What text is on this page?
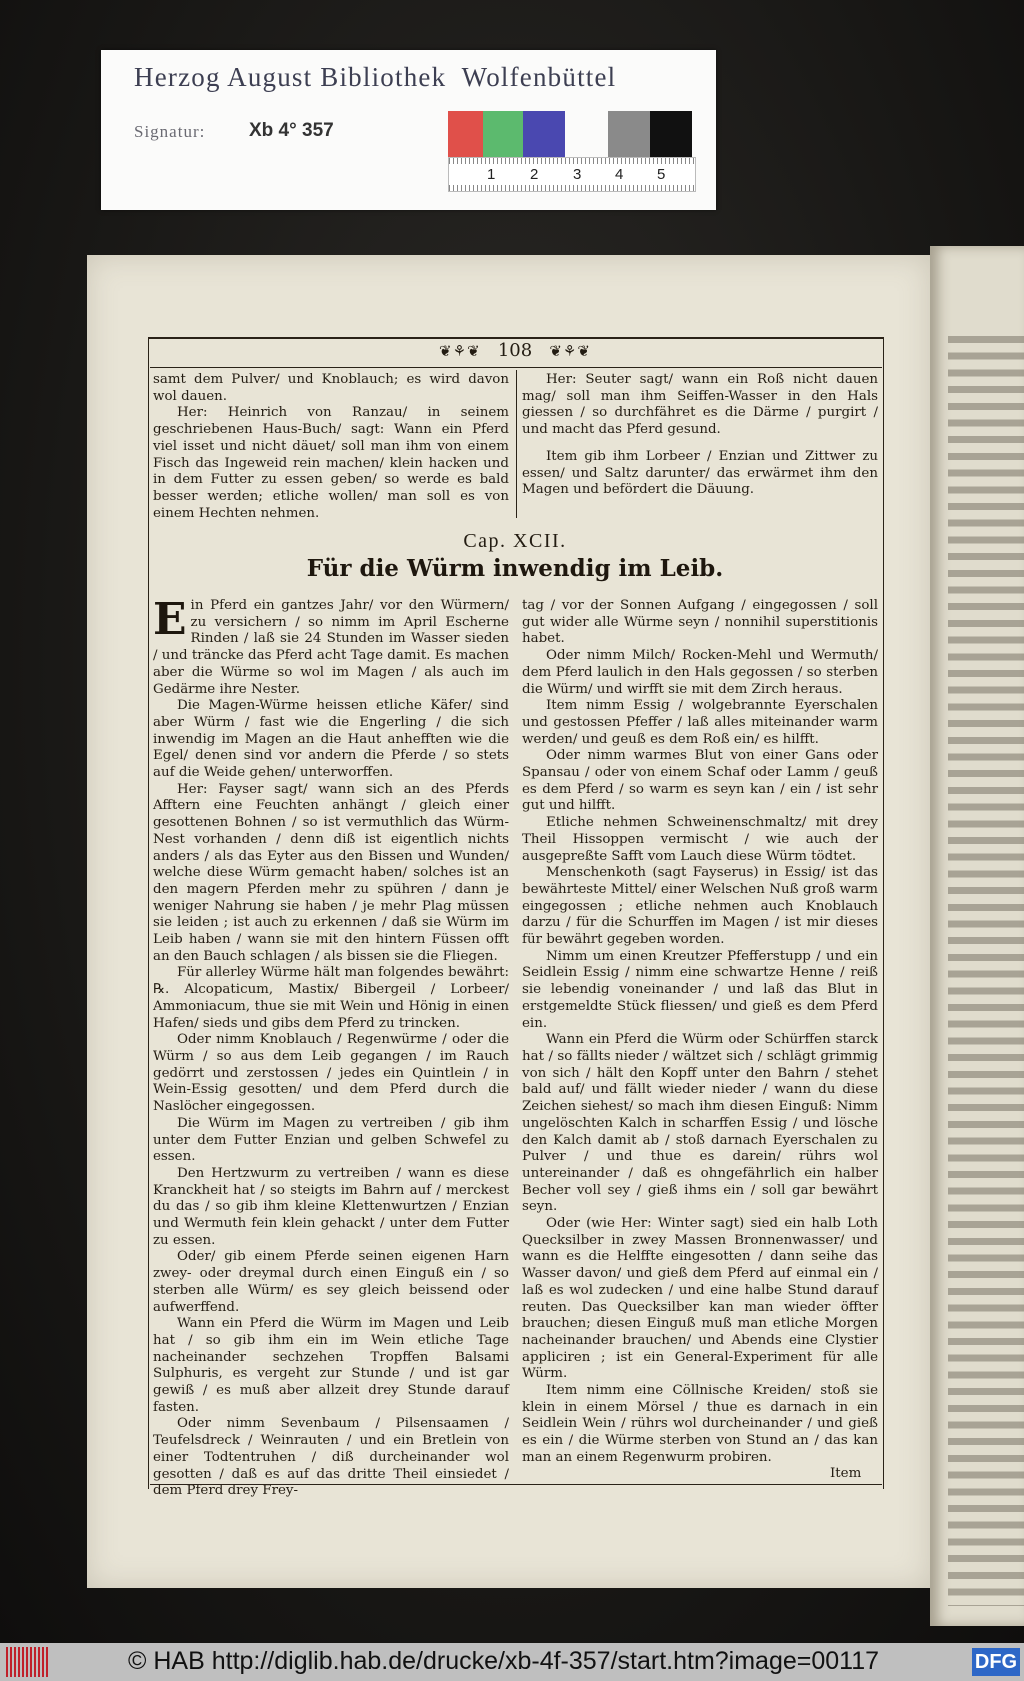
Herzog August Bibliothek  Wolfenbüttel
Signatur: Xb 4° 357
1 2 3 4 5
❦⚘❦ 108 ❦⚘❦

samt dem Pulver/ und Knoblauch; es wird davon wol dauen.

Her: Heinrich von Ranzau/ in seinem geschriebenen Haus-Buch/ sagt: Wann ein Pferd viel isset und nicht däuet/ soll man ihm von einem Fisch das Ingeweid rein machen/ klein hacken und in dem Futter zu essen geben/ so werde es bald besser werden; etliche wollen/ man soll es von einem Hechten nehmen.

Her: Seuter sagt/ wann ein Roß nicht dauen mag/ soll man ihm Seiffen-Wasser in den Hals giessen / so durchfähret es die Därme / purgirt / und macht das Pferd gesund.

Item gib ihm Lorbeer / Enzian und Zittwer zu essen/ und Saltz darunter/ das erwärmet ihm den Magen und befördert die Däuung.

Cap. XCII.
Für die Würm inwendig im Leib.

Ein Pferd ein gantzes Jahr/ vor den Würmern/ zu versichern / so nimm im April Escherne Rinden / laß sie 24 Stunden im Wasser sieden / und träncke das Pferd acht Tage damit. Es machen aber die Würme so wol im Magen / als auch im Gedärme ihre Nester.

Die Magen-Würme heissen etliche Käfer/ sind aber Würm / fast wie die Engerling / die sich inwendig im Magen an die Haut anhefften wie die Egel/ denen sind vor andern die Pferde / so stets auf die Weide gehen/ unterworffen.

Her: Fayser sagt/ wann sich an des Pferds Afftern eine Feuchten anhängt / gleich einer gesottenen Bohnen / so ist vermuthlich das Würm-Nest vorhanden / denn diß ist eigentlich nichts anders / als das Eyter aus den Bissen und Wunden/ welche diese Würm gemacht haben/ solches ist an den magern Pferden mehr zu spühren / dann je weniger Nahrung sie haben / je mehr Plag müssen sie leiden ; ist auch zu erkennen / daß sie Würm im Leib haben / wann sie mit den hintern Füssen offt an den Bauch schlagen / als bissen sie die Fliegen.

Für allerley Würme hält man folgendes bewährt: ℞. Alcopaticum, Mastix/ Bibergeil / Lorbeer/ Ammoniacum, thue sie mit Wein und Hönig in einen Hafen/ sieds und gibs dem Pferd zu trincken.

Oder nimm Knoblauch / Regenwürme / oder die Würm / so aus dem Leib gegangen / im Rauch gedörrt und zerstossen / jedes ein Quintlein / in Wein-Essig gesotten/ und dem Pferd durch die Naslöcher eingegossen.

Die Würm im Magen zu vertreiben / gib ihm unter dem Futter Enzian und gelben Schwefel zu essen.

Den Hertzwurm zu vertreiben / wann es diese Kranckheit hat / so steigts im Bahrn auf / merckest du das / so gib ihm kleine Klettenwurtzen / Enzian und Wermuth fein klein gehackt / unter dem Futter zu essen.

Oder/ gib einem Pferde seinen eigenen Harn zwey- oder dreymal durch einen Einguß ein / so sterben alle Würm/ es sey gleich beissend oder aufwerffend.

Wann ein Pferd die Würm im Magen und Leib hat / so gib ihm ein im Wein etliche Tage nacheinander sechzehen Tropffen Balsami Sulphuris, es vergeht zur Stunde / und ist gar gewiß / es muß aber allzeit drey Stunde darauf fasten.

Oder nimm Sevenbaum / Pilsensaamen / Teufelsdreck / Weinrauten / und ein Bretlein von einer Todtentruhen / diß durcheinander wol gesotten / daß es auf das dritte Theil einsiedet / dem Pferd drey Frey-

tag / vor der Sonnen Aufgang / eingegossen / soll gut wider alle Würme seyn / nonnihil superstitionis habet.

Oder nimm Milch/ Rocken-Mehl und Wermuth/ dem Pferd laulich in den Hals gegossen / so sterben die Würm/ und wirfft sie mit dem Zirch heraus.

Item nimm Essig / wolgebrannte Eyerschalen und gestossen Pfeffer / laß alles miteinander warm werden/ und geuß es dem Roß ein/ es hilfft.

Oder nimm warmes Blut von einer Gans oder Spansau / oder von einem Schaf oder Lamm / geuß es dem Pferd / so warm es seyn kan / ein / ist sehr gut und hilfft.

Etliche nehmen Schweinenschmaltz/ mit drey Theil Hissoppen vermischt / wie auch der ausgepreßte Safft vom Lauch diese Würm tödtet.

Menschenkoth (sagt Fayserus) in Essig/ ist das bewährteste Mittel/ einer Welschen Nuß groß warm eingegossen ; etliche nehmen auch Knoblauch darzu / für die Schurffen im Magen / ist mir dieses für bewährt gegeben worden.

Nimm um einen Kreutzer Pfefferstupp / und ein Seidlein Essig / nimm eine schwartze Henne / reiß sie lebendig voneinander / und laß das Blut in erstgemeldte Stück fliessen/ und gieß es dem Pferd ein.

Wann ein Pferd die Würm oder Schürffen starck hat / so fällts nieder / wältzet sich / schlägt grimmig von sich / hält den Kopff unter den Bahrn / stehet bald auf/ und fällt wieder nieder / wann du diese Zeichen siehest/ so mach ihm diesen Einguß: Nimm ungelöschten Kalch in scharffen Essig / und lösche den Kalch damit ab / stoß darnach Eyerschalen zu Pulver / und thue es darein/ rührs wol untereinander / daß es ohngefährlich ein halber Becher voll sey / gieß ihms ein / soll gar bewährt seyn.

Oder (wie Her: Winter sagt) sied ein halb Loth Quecksilber in zwey Massen Bronnenwasser/ und wann es die Helffte eingesotten / dann seihe das Wasser davon/ und gieß dem Pferd auf einmal ein / laß es wol zudecken / und eine halbe Stund darauf reuten. Das Quecksilber kan man wieder öffter brauchen; diesen Einguß muß man etliche Morgen nacheinander brauchen/ und Abends eine Clystier appliciren ; ist ein General-Experiment für alle Würm.

Item nimm eine Cöllnische Kreiden/ stoß sie klein in einem Mörsel / thue es darnach in ein Seidlein Wein / rührs wol durcheinander / und gieß es ein / die Würme sterben von Stund an / das kan man an einem Regenwurm probiren.

Item
© HAB http://diglib.hab.de/drucke/xb-4f-357/start.htm?image=00117	DFG
